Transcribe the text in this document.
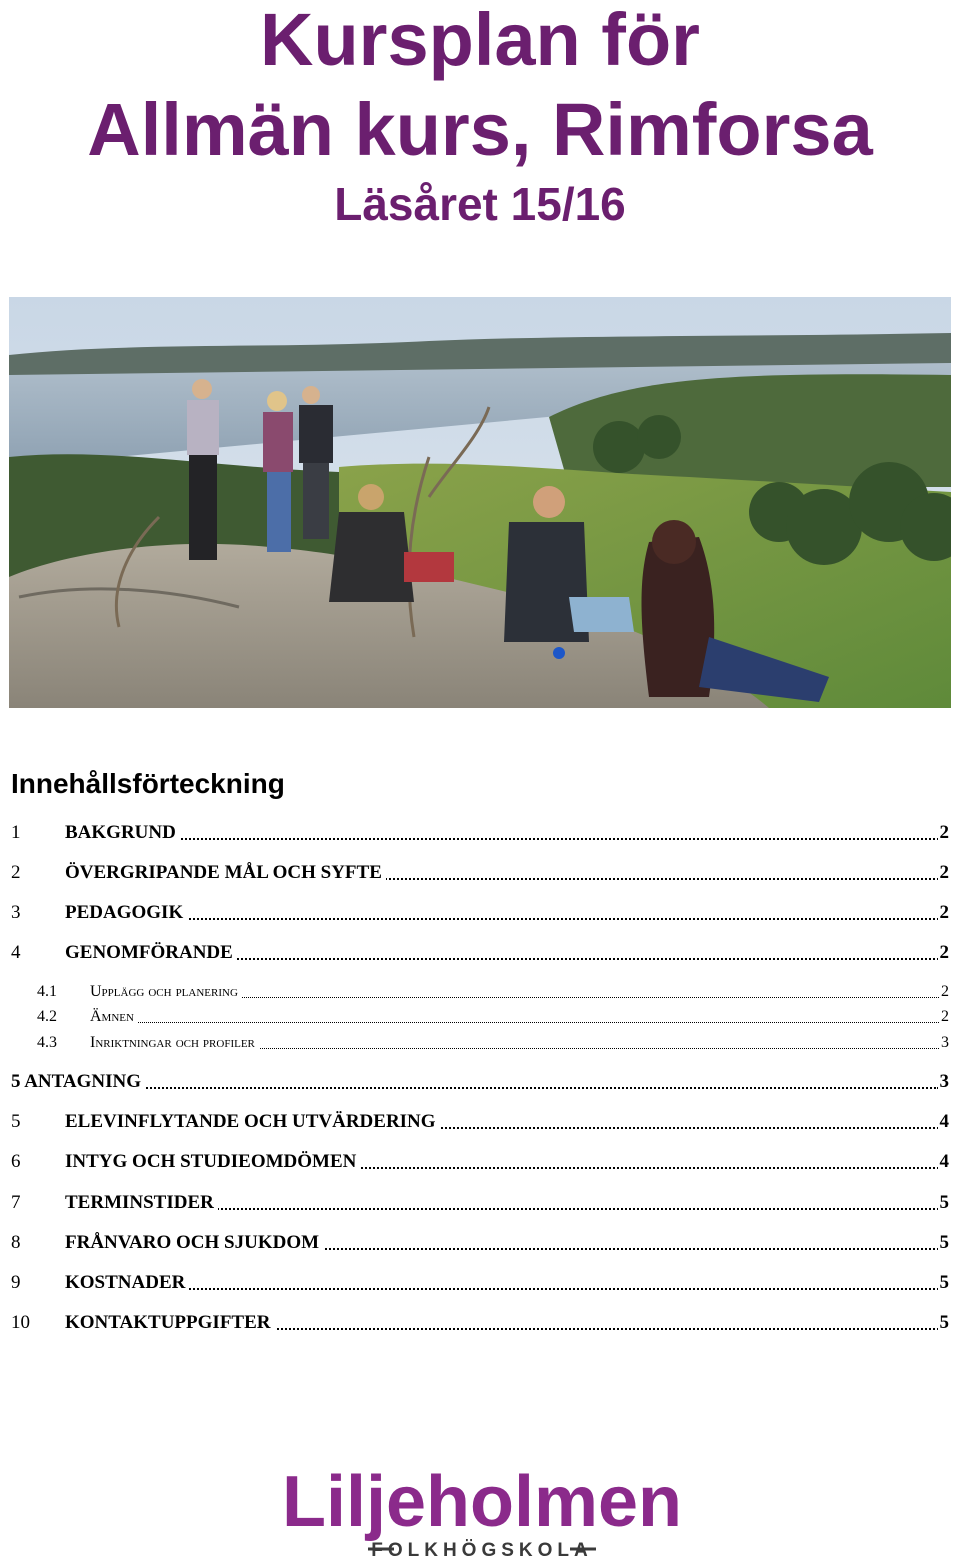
Kursplan för
Allmän kurs, Rimforsa
Läsåret 15/16
Innehållsförteckning
1 BAKGRUND	2
2 ÖVERGRIPANDE MÅL OCH SYFTE	2
3 PEDAGOGIK	2
4 GENOMFÖRANDE	2
4.1 Upplägg och planering	2
4.2 Ämnen	2
4.3 Inriktningar och profiler	3
5 ANTAGNING	3
5 ELEVINFLYTANDE OCH UTVÄRDERING	4
6 INTYG OCH STUDIEOMDÖMEN	4
7 TERMINSTIDER	5
8 FRÅNVARO OCH SJUKDOM	5
9 KOSTNADER	5
10 KONTAKTUPPGIFTER	5
Liljeholmen
FOLKHÖGSKOLA
